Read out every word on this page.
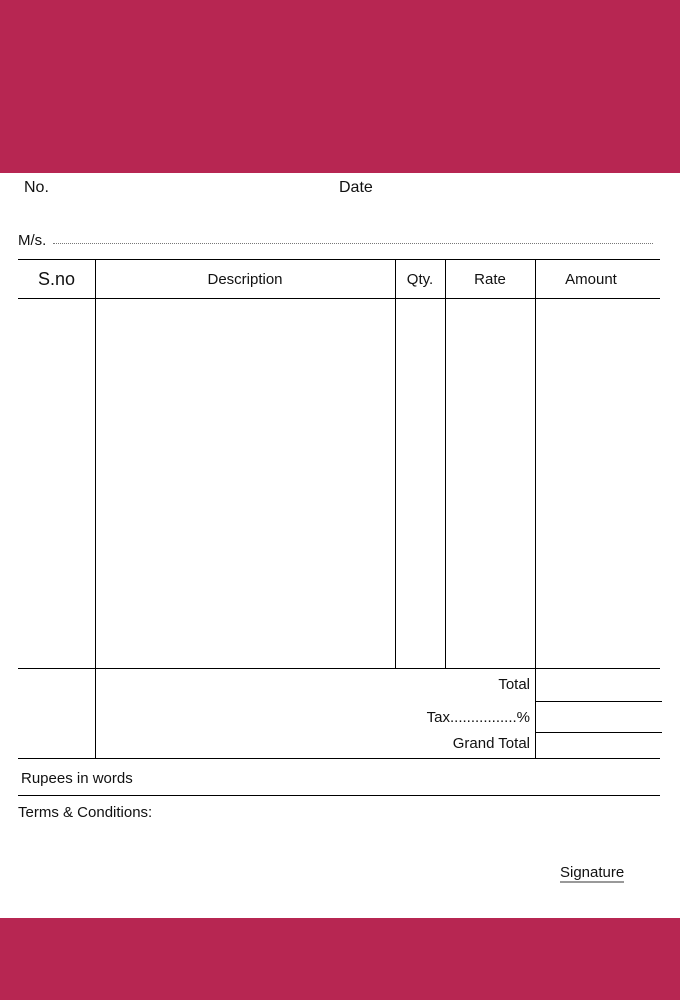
No.	Date
M/s.
S.no	Description	Qty.	Rate	Amount
Total
Tax................%
Grand Total
Rupees in words
Terms & Conditions:
Signature
